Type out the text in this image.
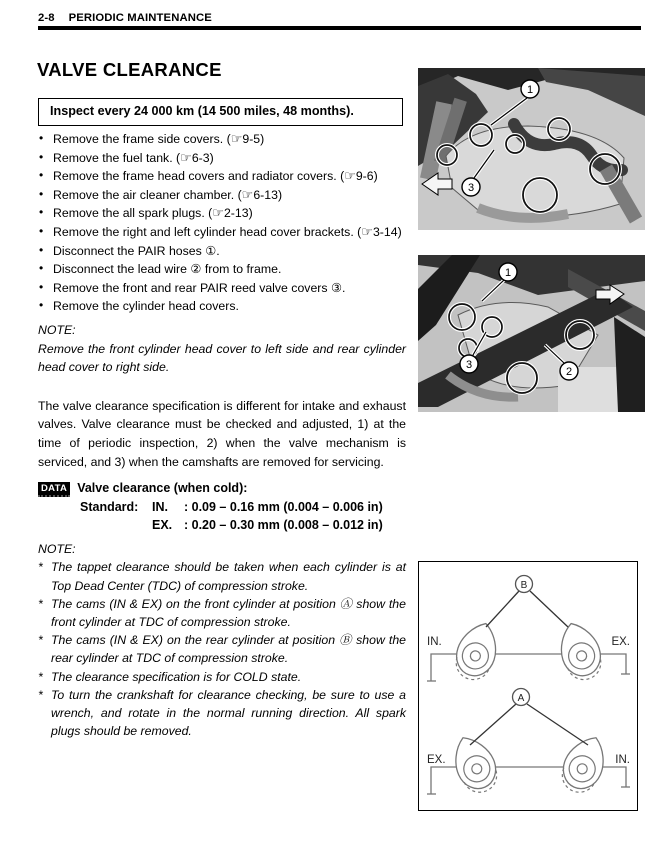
2-8 PERIODIC MAINTENANCE
VALVE CLEARANCE
Inspect every 24 000 km (14 500 miles, 48 months).
• Remove the frame side covers. (☞9-5)
• Remove the fuel tank. (☞6-3)
• Remove the frame head covers and radiator covers. (☞9-6)
• Remove the air cleaner chamber. (☞6-13)
• Remove the all spark plugs. (☞2-13)
• Remove the right and left cylinder head cover brackets. (☞3-14)
• Disconnect the PAIR hoses ①.
• Disconnect the lead wire ② from to frame.
• Remove the front and rear PAIR reed valve covers ③.
• Remove the cylinder head covers.
NOTE:
Remove the front cylinder head cover to left side and rear cylinder head cover to right side.
The valve clearance specification is different for intake and exhaust valves. Valve clearance must be checked and adjusted, 1) at the time of periodic inspection, 2) when the valve mechanism is serviced, and 3) when the camshafts are removed for servicing.
DATA Valve clearance (when cold):
Standard:	IN.	: 0.09 – 0.16 mm (0.004 – 0.006 in)
EX. : 0.20 – 0.30 mm (0.008 – 0.012 in)
NOTE:
* The tappet clearance should be taken when each cylinder is at Top Dead Center (TDC) of compression stroke.
* The cams (IN & EX) on the front cylinder at position Ⓐ show the front cylinder at TDC of compression stroke.
* The cams (IN & EX) on the rear cylinder at position Ⓑ show the rear cylinder at TDC of compression stroke.
* The clearance specification is for COLD state.
* To turn the crankshaft for clearance checking, be sure to use a wrench, and rotate in the normal running direction. All spark plugs should be removed.
1
3
1
3
2
B
IN.	EX.
A
EX.	IN.
